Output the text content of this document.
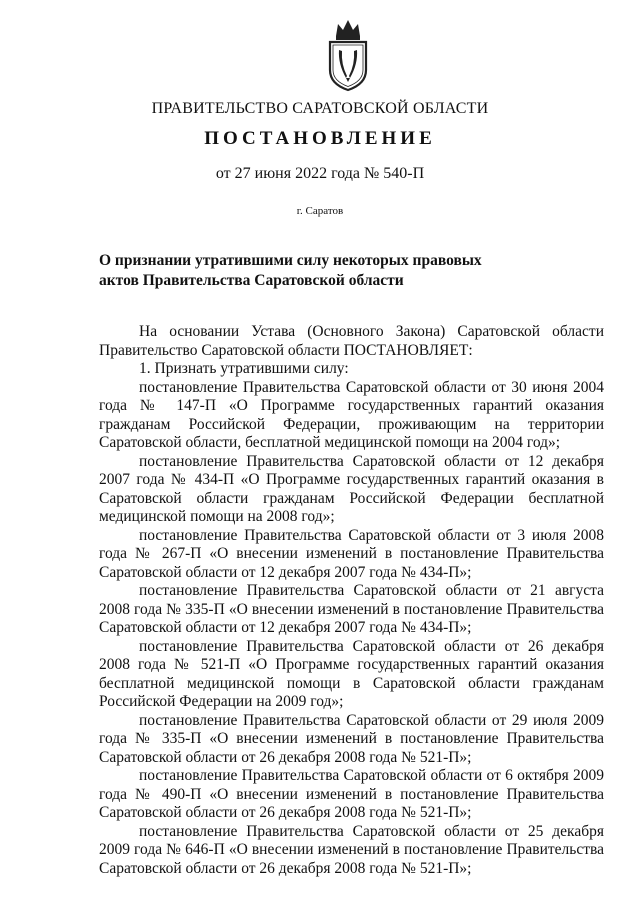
ПРАВИТЕЛЬСТВО САРАТОВСКОЙ ОБЛАСТИ
ПОСТАНОВЛЕНИЕ
от 27 июня 2022 года № 540-П
г. Саратов
О признании утратившими силу некоторых правовых
актов Правительства Саратовской области

На основании Устава (Основного Закона) Саратовской области Правительство Саратовской области ПОСТАНОВЛЯЕТ:

1. Признать утратившими силу:

постановление Правительства Саратовской области от 30 июня 2004 года № 147-П «О Программе государственных гарантий оказания гражданам Российской Федерации, проживающим на территории Саратовской области, бесплатной медицинской помощи на 2004 год»;

постановление Правительства Саратовской области от 12 декабря 2007 года № 434-П «О Программе государственных гарантий оказания в Саратовской области гражданам Российской Федерации бесплатной медицинской помощи на 2008 год»;

постановление Правительства Саратовской области от 3 июля 2008 года № 267-П «О внесении изменений в постановление Правительства Саратовской области от 12 декабря 2007 года № 434-П»;

постановление Правительства Саратовской области от 21 августа 2008 года № 335-П «О внесении изменений в постановление Правительства Саратовской области от 12 декабря 2007 года № 434-П»;

постановление Правительства Саратовской области от 26 декабря 2008 года № 521-П «О Программе государственных гарантий оказания бесплатной медицинской помощи в Саратовской области гражданам Российской Федерации на 2009 год»;

постановление Правительства Саратовской области от 29 июля 2009 года № 335-П «О внесении изменений в постановление Правительства Саратовской области от 26 декабря 2008 года № 521-П»;

постановление Правительства Саратовской области от 6 октября 2009 года № 490-П «О внесении изменений в постановление Правительства Саратовской области от 26 декабря 2008 года № 521-П»;

постановление Правительства Саратовской области от 25 декабря 2009 года № 646-П «О внесении изменений в постановление Правительства Саратовской области от 26 декабря 2008 года № 521-П»;
